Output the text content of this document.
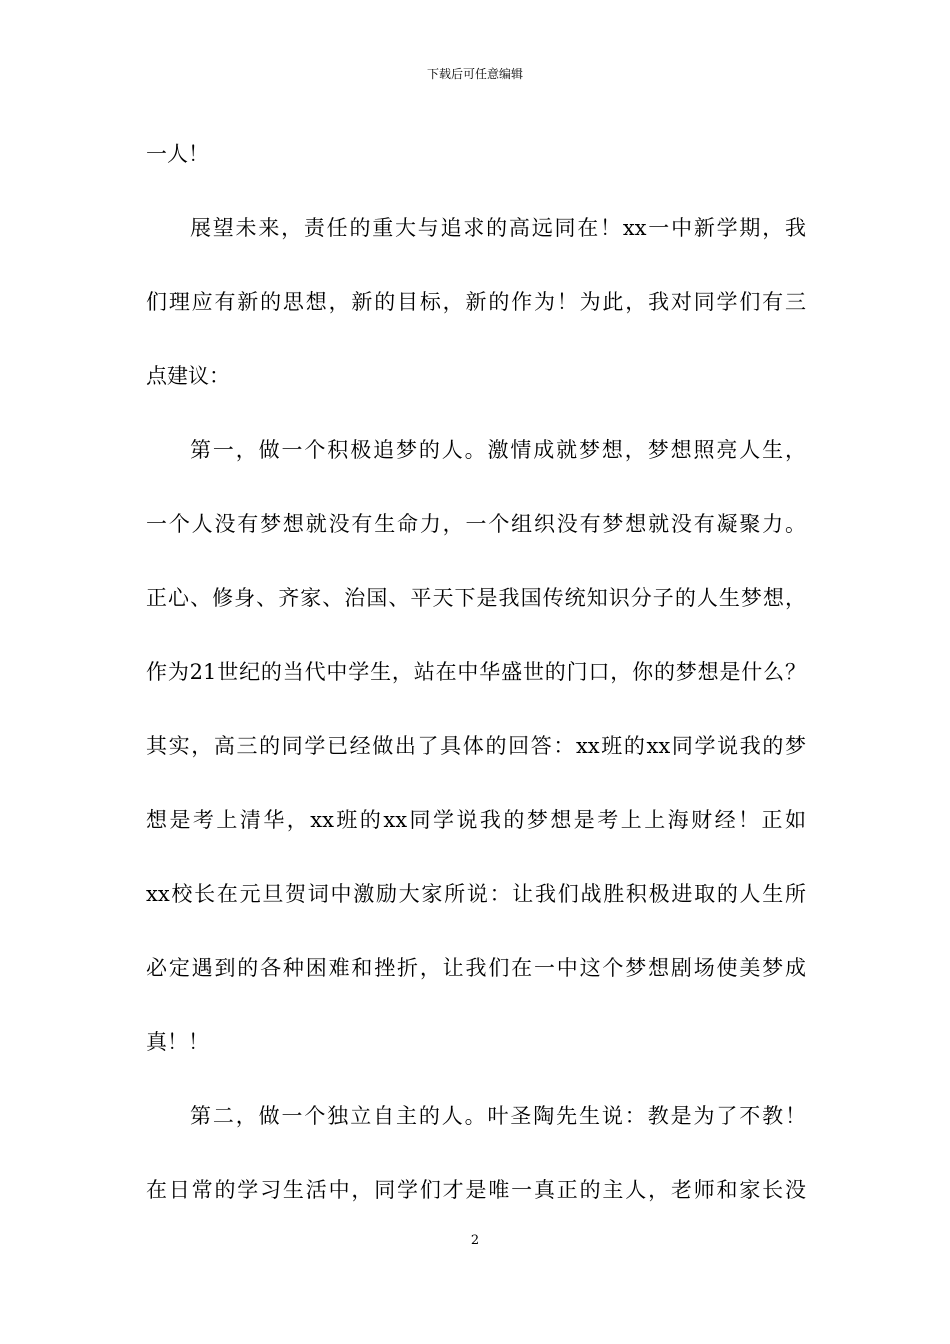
下载后可任意编辑
一人！
展望未来，责任的重大与追求的高远同在！xx一中新学期，我
们理应有新的思想，新的目标，新的作为！为此，我对同学们有三
点建议：
第一，做一个积极追梦的人。激情成就梦想，梦想照亮人生，
一个人没有梦想就没有生命力，一个组织没有梦想就没有凝聚力。
正心、修身、齐家、治国、平天下是我国传统知识分子的人生梦想，
作为21世纪的当代中学生，站在中华盛世的门口，你的梦想是什么？
其实，高三的同学已经做出了具体的回答：xx班的xx同学说我的梦
想是考上清华，xx班的xx同学说我的梦想是考上上海财经！正如
xx校长在元旦贺词中激励大家所说：让我们战胜积极进取的人生所
必定遇到的各种困难和挫折，让我们在一中这个梦想剧场使美梦成
真！！
第二，做一个独立自主的人。叶圣陶先生说：教是为了不教！
在日常的学习生活中，同学们才是唯一真正的主人，老师和家长没
2
